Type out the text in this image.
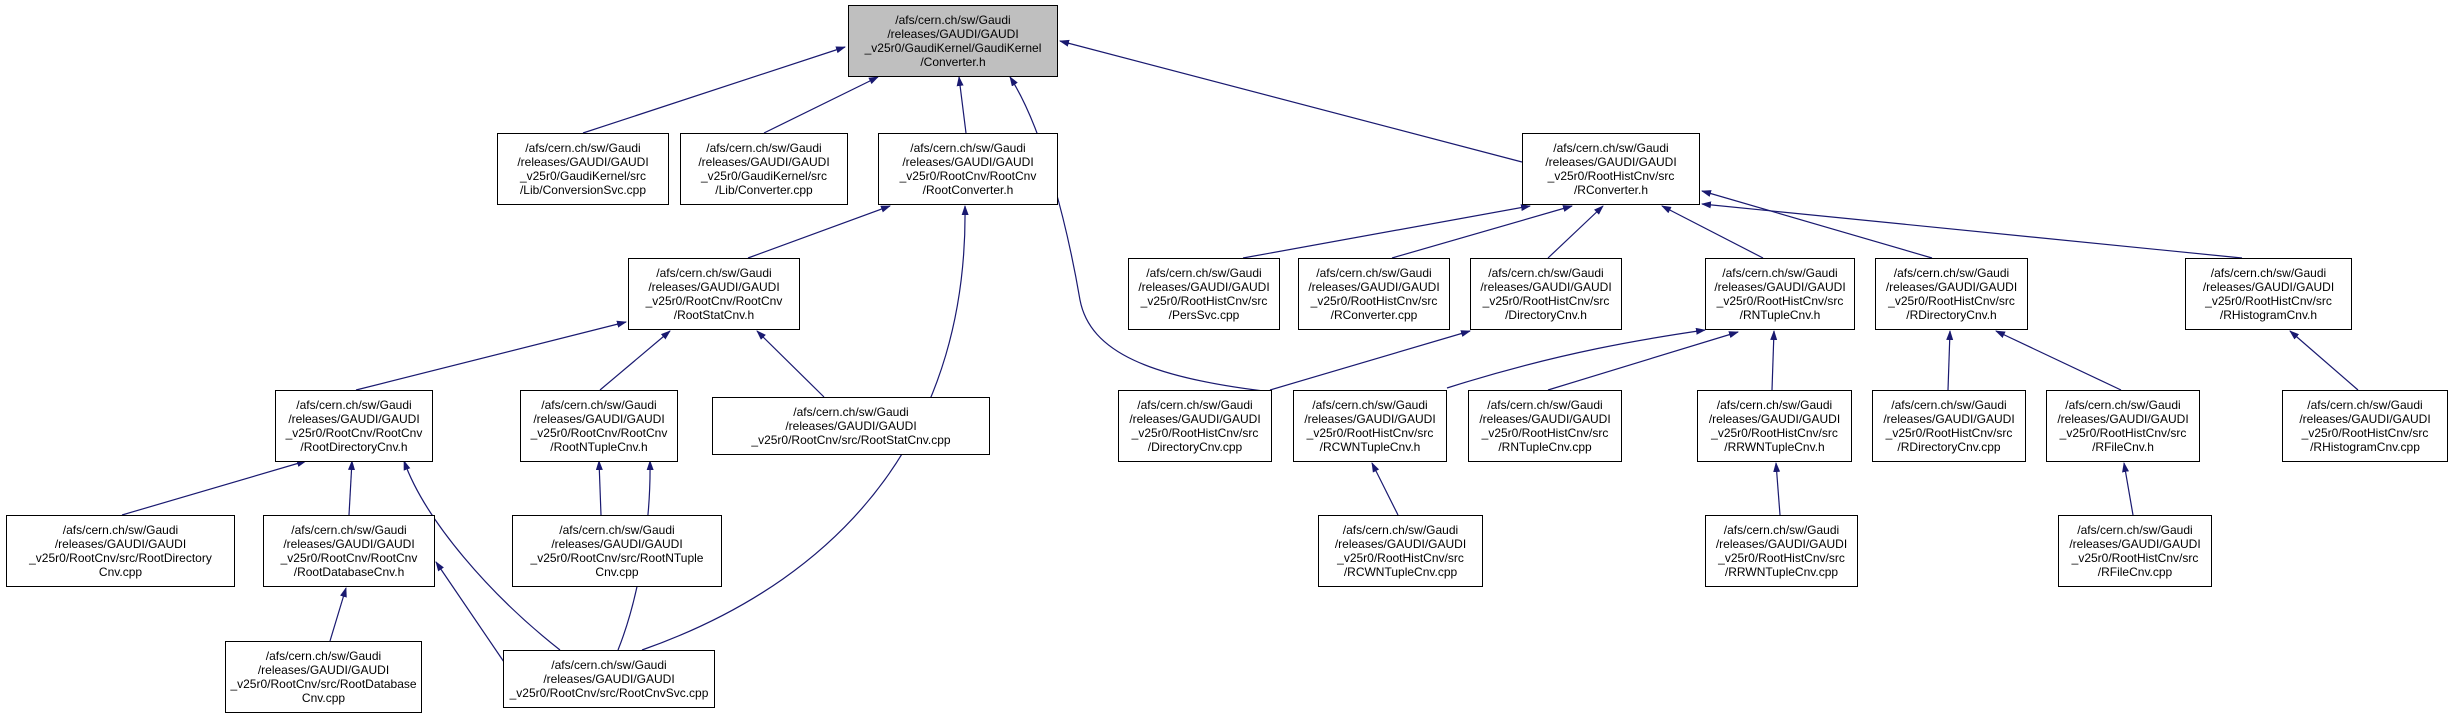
/afs/cern.ch/sw/Gaudi
/releases/GAUDI/GAUDI
_v25r0/GaudiKernel/GaudiKernel
/Converter.h
/afs/cern.ch/sw/Gaudi
/releases/GAUDI/GAUDI
_v25r0/GaudiKernel/src
/Lib/ConversionSvc.cpp
/afs/cern.ch/sw/Gaudi
/releases/GAUDI/GAUDI
_v25r0/GaudiKernel/src
/Lib/Converter.cpp
/afs/cern.ch/sw/Gaudi
/releases/GAUDI/GAUDI
_v25r0/RootCnv/RootCnv
/RootConverter.h
/afs/cern.ch/sw/Gaudi
/releases/GAUDI/GAUDI
_v25r0/RootHistCnv/src
/RConverter.h
/afs/cern.ch/sw/Gaudi
/releases/GAUDI/GAUDI
_v25r0/RootCnv/RootCnv
/RootStatCnv.h
/afs/cern.ch/sw/Gaudi
/releases/GAUDI/GAUDI
_v25r0/RootHistCnv/src
/PersSvc.cpp
/afs/cern.ch/sw/Gaudi
/releases/GAUDI/GAUDI
_v25r0/RootHistCnv/src
/RConverter.cpp
/afs/cern.ch/sw/Gaudi
/releases/GAUDI/GAUDI
_v25r0/RootHistCnv/src
/DirectoryCnv.h
/afs/cern.ch/sw/Gaudi
/releases/GAUDI/GAUDI
_v25r0/RootHistCnv/src
/RNTupleCnv.h
/afs/cern.ch/sw/Gaudi
/releases/GAUDI/GAUDI
_v25r0/RootHistCnv/src
/RDirectoryCnv.h
/afs/cern.ch/sw/Gaudi
/releases/GAUDI/GAUDI
_v25r0/RootHistCnv/src
/RHistogramCnv.h
/afs/cern.ch/sw/Gaudi
/releases/GAUDI/GAUDI
_v25r0/RootCnv/RootCnv
/RootDirectoryCnv.h
/afs/cern.ch/sw/Gaudi
/releases/GAUDI/GAUDI
_v25r0/RootCnv/RootCnv
/RootNTupleCnv.h
/afs/cern.ch/sw/Gaudi
/releases/GAUDI/GAUDI
_v25r0/RootCnv/src/RootStatCnv.cpp
/afs/cern.ch/sw/Gaudi
/releases/GAUDI/GAUDI
_v25r0/RootHistCnv/src
/DirectoryCnv.cpp
/afs/cern.ch/sw/Gaudi
/releases/GAUDI/GAUDI
_v25r0/RootHistCnv/src
/RCWNTupleCnv.h
/afs/cern.ch/sw/Gaudi
/releases/GAUDI/GAUDI
_v25r0/RootHistCnv/src
/RNTupleCnv.cpp
/afs/cern.ch/sw/Gaudi
/releases/GAUDI/GAUDI
_v25r0/RootHistCnv/src
/RRWNTupleCnv.h
/afs/cern.ch/sw/Gaudi
/releases/GAUDI/GAUDI
_v25r0/RootHistCnv/src
/RDirectoryCnv.cpp
/afs/cern.ch/sw/Gaudi
/releases/GAUDI/GAUDI
_v25r0/RootHistCnv/src
/RFileCnv.h
/afs/cern.ch/sw/Gaudi
/releases/GAUDI/GAUDI
_v25r0/RootHistCnv/src
/RHistogramCnv.cpp
/afs/cern.ch/sw/Gaudi
/releases/GAUDI/GAUDI
_v25r0/RootCnv/src/RootDirectory
Cnv.cpp
/afs/cern.ch/sw/Gaudi
/releases/GAUDI/GAUDI
_v25r0/RootCnv/RootCnv
/RootDatabaseCnv.h
/afs/cern.ch/sw/Gaudi
/releases/GAUDI/GAUDI
_v25r0/RootCnv/src/RootNTuple
Cnv.cpp
/afs/cern.ch/sw/Gaudi
/releases/GAUDI/GAUDI
_v25r0/RootHistCnv/src
/RCWNTupleCnv.cpp
/afs/cern.ch/sw/Gaudi
/releases/GAUDI/GAUDI
_v25r0/RootHistCnv/src
/RRWNTupleCnv.cpp
/afs/cern.ch/sw/Gaudi
/releases/GAUDI/GAUDI
_v25r0/RootHistCnv/src
/RFileCnv.cpp
/afs/cern.ch/sw/Gaudi
/releases/GAUDI/GAUDI
_v25r0/RootCnv/src/RootDatabase
Cnv.cpp
/afs/cern.ch/sw/Gaudi
/releases/GAUDI/GAUDI
_v25r0/RootCnv/src/RootCnvSvc.cpp
